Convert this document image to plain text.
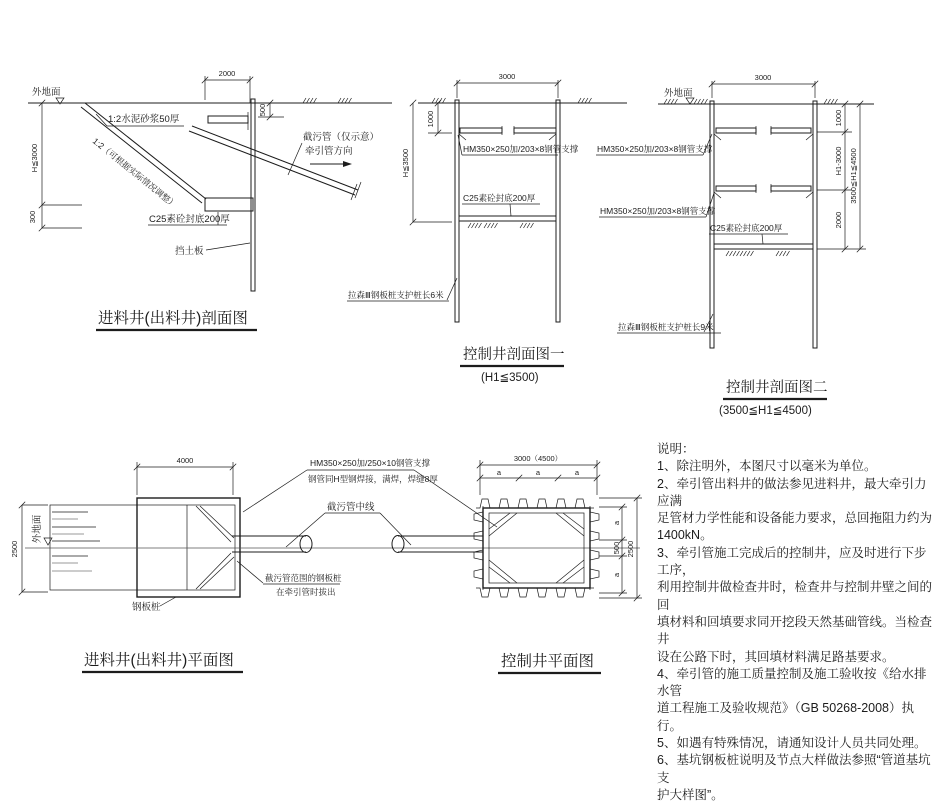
外地面
H≦3000
300
1:2水泥砂浆50厚
1:2（可根据实际情况调整）
500
2000
截污管（仅示意）
牵引管方向
C25素砼封底200厚
挡土板
进料井(出料井)剖面图
3000
1000
H≦3500	HM350×250加/203×8钢管支撑
C25素砼封底200厚
拉森Ⅲ钢板桩支护桩长6米
控制井剖面图一
(H1≦3500)
外地面
3000
HM350×250加/203×8钢管支撑
HM350×250加/203×8钢管支撑
C25素砼封底200厚
1000
H1-3000
2000
3500≦H1≦4500
拉森Ⅲ钢板桩支护桩长9米
控制井剖面图二
(3500≦H1≦4500)
4000
外地面
2500
截污管中线
HM350×250加/250×10钢管支撑
钢管同H型钢焊接，满焊，焊缝8厚
截污管范围的钢板桩
在牵引管时拔出
钢板桩
进料井(出料井)平面图
3000（4500）
a	a	a
a
500
a
2500
控制井平面图
说明：
1、除注明外，本图尺寸以毫米为单位。
2、牵引管出料井的做法参见进料井，最大牵引力应满
足管材力学性能和设备能力要求，总回拖阻力约为
1400kN。
3、牵引管施工完成后的控制井，应及时进行下步工序，
利用控制井做检查井时，检查井与控制井壁之间的回
填材料和回填要求同开挖段天然基础管线。当检查井
设在公路下时，其回填材料满足路基要求。
4、牵引管的施工质量控制及施工验收按《给水排水管
道工程施工及验收规范》（GB 50268-2008）执行。
5、如遇有特殊情况，请通知设计人员共同处理。
6、基坑钢板桩说明及节点大样做法参照“管道基坑支
护大样图”。
